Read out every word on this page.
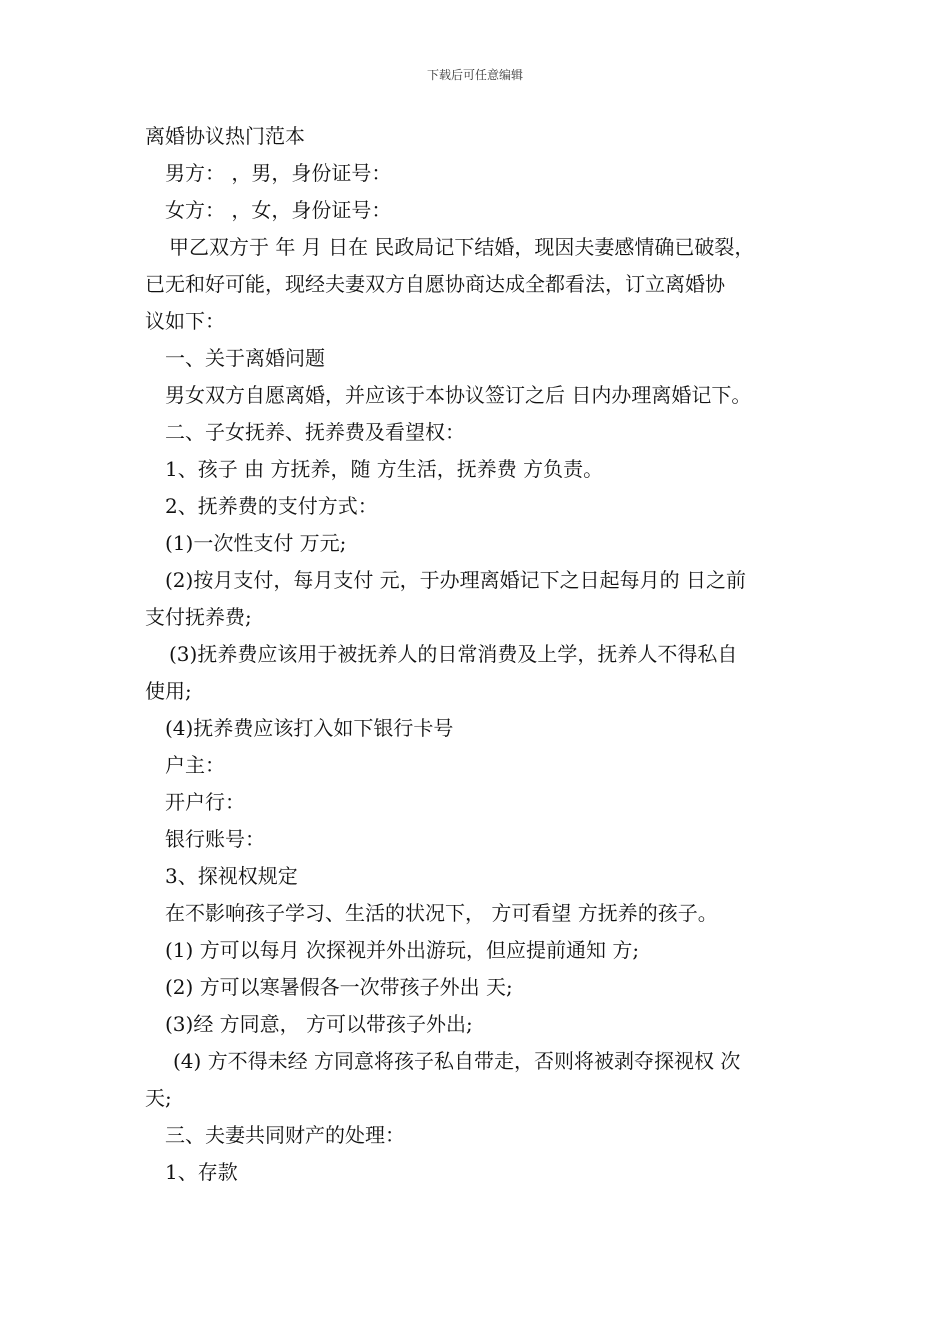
下载后可任意编辑
离婚协议热门范本
男方： ，男，身份证号：
女方： ，女，身份证号：
甲乙双方于 年 月 日在 民政局记下结婚，现因夫妻感情确已破裂，
已无和好可能，现经夫妻双方自愿协商达成全都看法，订立离婚协
议如下：
一、关于离婚问题
男女双方自愿离婚，并应该于本协议签订之后 日内办理离婚记下。
二、子女抚养、抚养费及看望权：
1、孩子 由 方抚养，随 方生活，抚养费 方负责。
2、抚养费的支付方式：
(1)一次性支付 万元;
(2)按月支付，每月支付 元，于办理离婚记下之日起每月的 日之前
支付抚养费;
(3)抚养费应该用于被抚养人的日常消费及上学，抚养人不得私自
使用;
(4)抚养费应该打入如下银行卡号
户主：
开户行：
银行账号：
3、探视权规定
在不影响孩子学习、生活的状况下， 方可看望 方抚养的孩子。
(1) 方可以每月 次探视并外出游玩，但应提前通知 方;
(2) 方可以寒暑假各一次带孩子外出 天;
(3)经 方同意， 方可以带孩子外出;
(4) 方不得未经 方同意将孩子私自带走，否则将被剥夺探视权 次
天;
三、夫妻共同财产的处理：
1、存款
